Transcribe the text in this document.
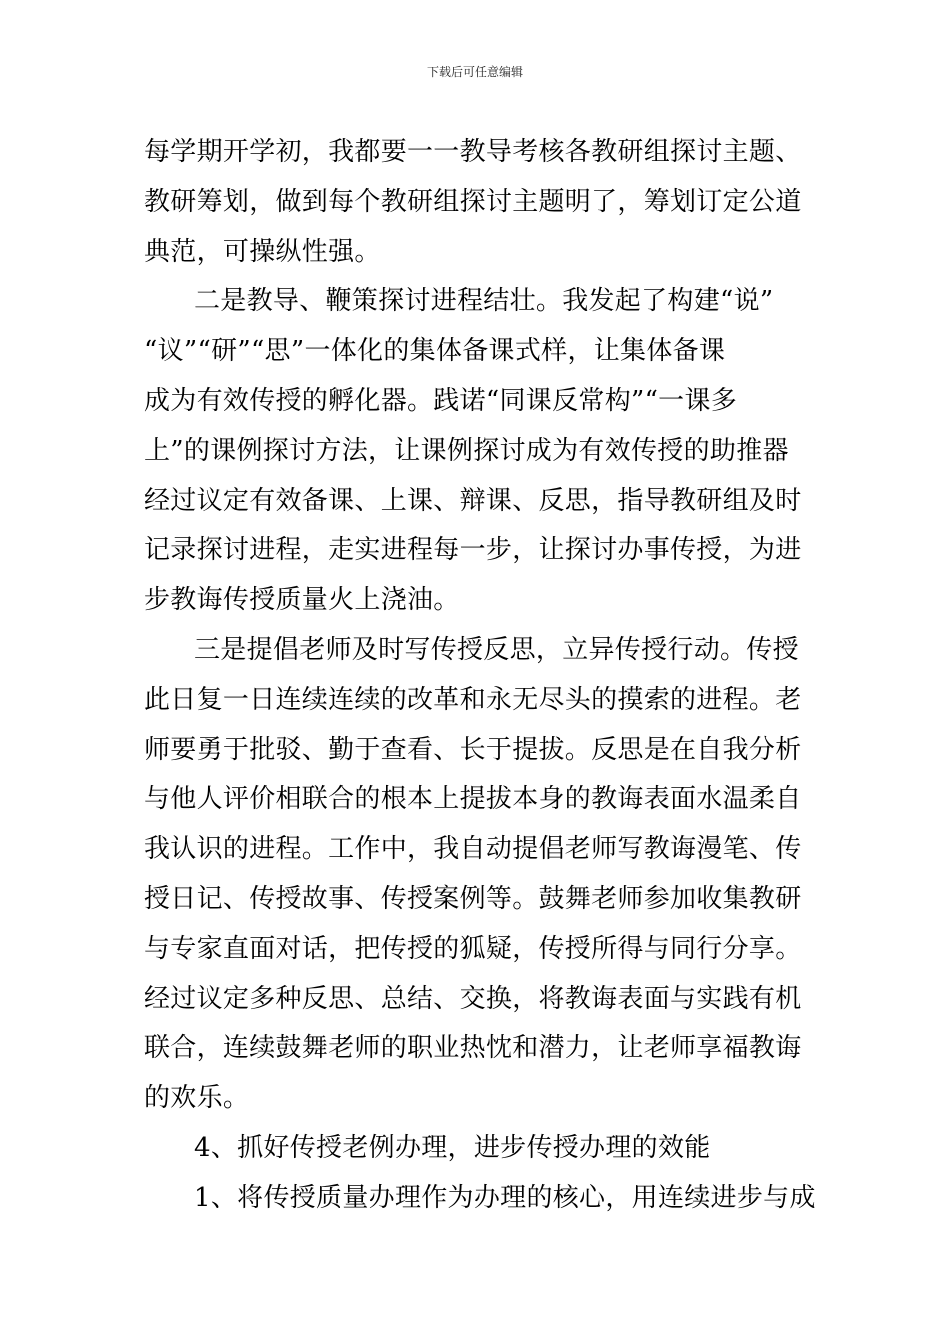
下载后可任意编辑
每学期开学初，我都要一一教导考核各教研组探讨主题、
教研筹划，做到每个教研组探讨主题明了，筹划订定公道
典范，可操纵性强。
二是教导、鞭策探讨进程结壮。我发起了构建“说”
“议”“研”“思”一体化的集体备课式样，让集体备课
成为有效传授的孵化器。践诺“同课反常构”“一课多
上”的课例探讨方法，让课例探讨成为有效传授的助推器
经过议定有效备课、上课、辩课、反思，指导教研组及时
记录探讨进程，走实进程每一步，让探讨办事传授，为进
步教诲传授质量火上浇油。
三是提倡老师及时写传授反思，立异传授行动。传授
此日复一日连续连续的改革和永无尽头的摸索的进程。老
师要勇于批驳、勤于查看、长于提拔。反思是在自我分析
与他人评价相联合的根本上提拔本身的教诲表面水温柔自
我认识的进程。工作中，我自动提倡老师写教诲漫笔、传
授日记、传授故事、传授案例等。鼓舞老师参加收集教研
与专家直面对话，把传授的狐疑，传授所得与同行分享。
经过议定多种反思、总结、交换，将教诲表面与实践有机
联合，连续鼓舞老师的职业热忱和潜力，让老师享福教诲
的欢乐。
4、抓好传授老例办理，进步传授办理的效能
1、将传授质量办理作为办理的核心，用连续进步与成
